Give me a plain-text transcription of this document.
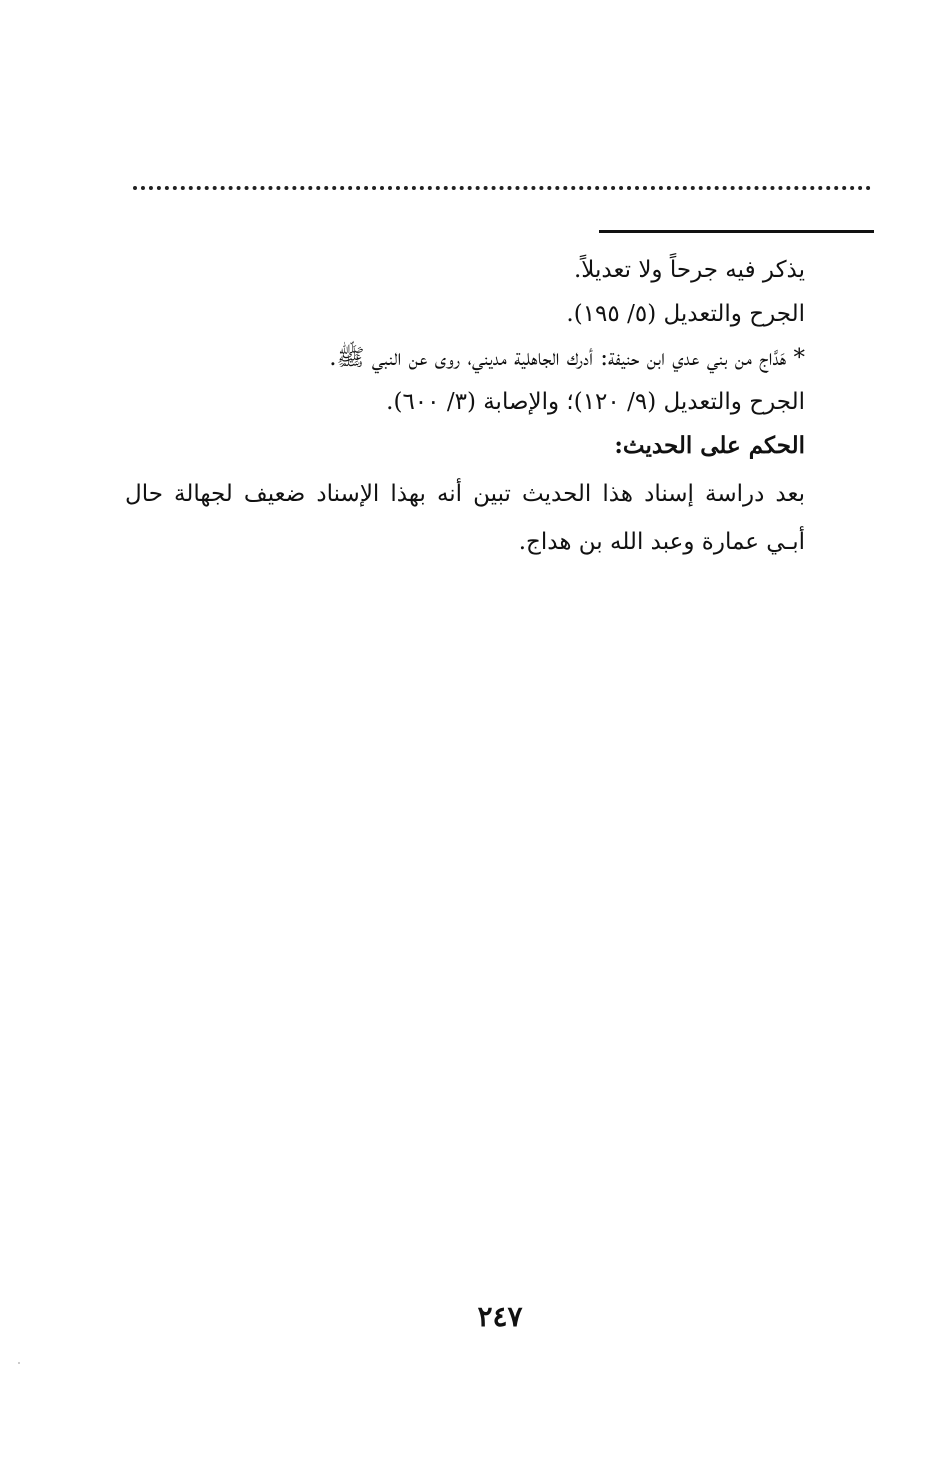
يذكر فيه جرحاً ولا تعديلاً.
الجرح والتعديل (٥/ ١٩٥).
* هَدَّاج من بني عدي ابن حنيفة: أدرك الجاهلية مديني، روى عن النبي ﷺ.
الجرح والتعديل (٩/ ١٢٠)؛ والإصابة (٣/ ٦٠٠).
الحكم على الحديث:
بعد دراسة إسناد هذا الحديث تبين أنه بهذا الإسناد ضعيف لجهالة حال أبـي عمارة وعبد الله بن هداج.
٢٤٧
